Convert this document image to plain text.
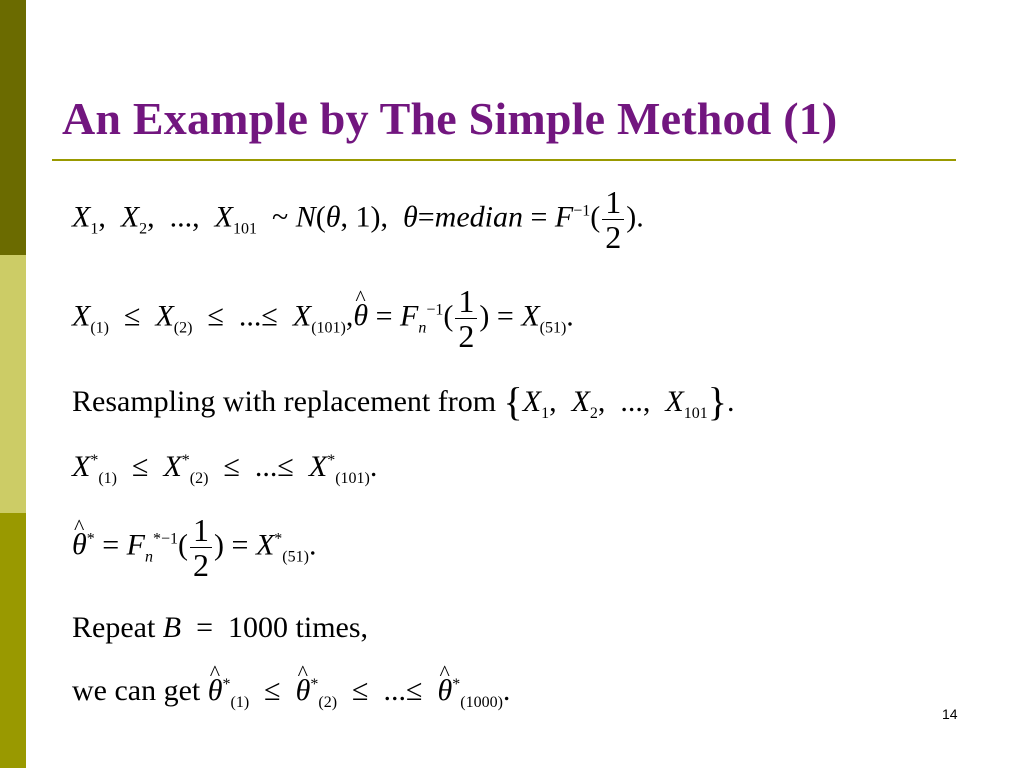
An Example by The Simple Method (1)
$X_1$,  $X_2$,  ...,  $X_{101}$  ~ N(θ, 1),  θ=median = $F^{-1}( \frac{1}{2}$ ).
$X_{(1)} \le X_{(2)}$  ≤  ...≤  $X_{(101)},\^{}$ $\theta = F_n^{-1}( \frac{1}{2}$ ) = $X_{(51)}$.
Resampling with replacement from {$X_1$,  $X_2$,  ...,  $X_{101}$}.
$X^*_{(1)} \le X^*_{(2)}$  ≤  ...≤  $X^*_{(101)}$.
^ $\theta^* = F_n^{*-1}( \frac{1}{2}$ ) = $X^*_{(51)}$.
Repeat B  =  1000 times,
we can get ^ $\theta^*_{(1)}$  ≤  ^ $\theta^*_{(2)}$  ≤  ...≤  ^ $\theta^*_{(1000)}$.
14
